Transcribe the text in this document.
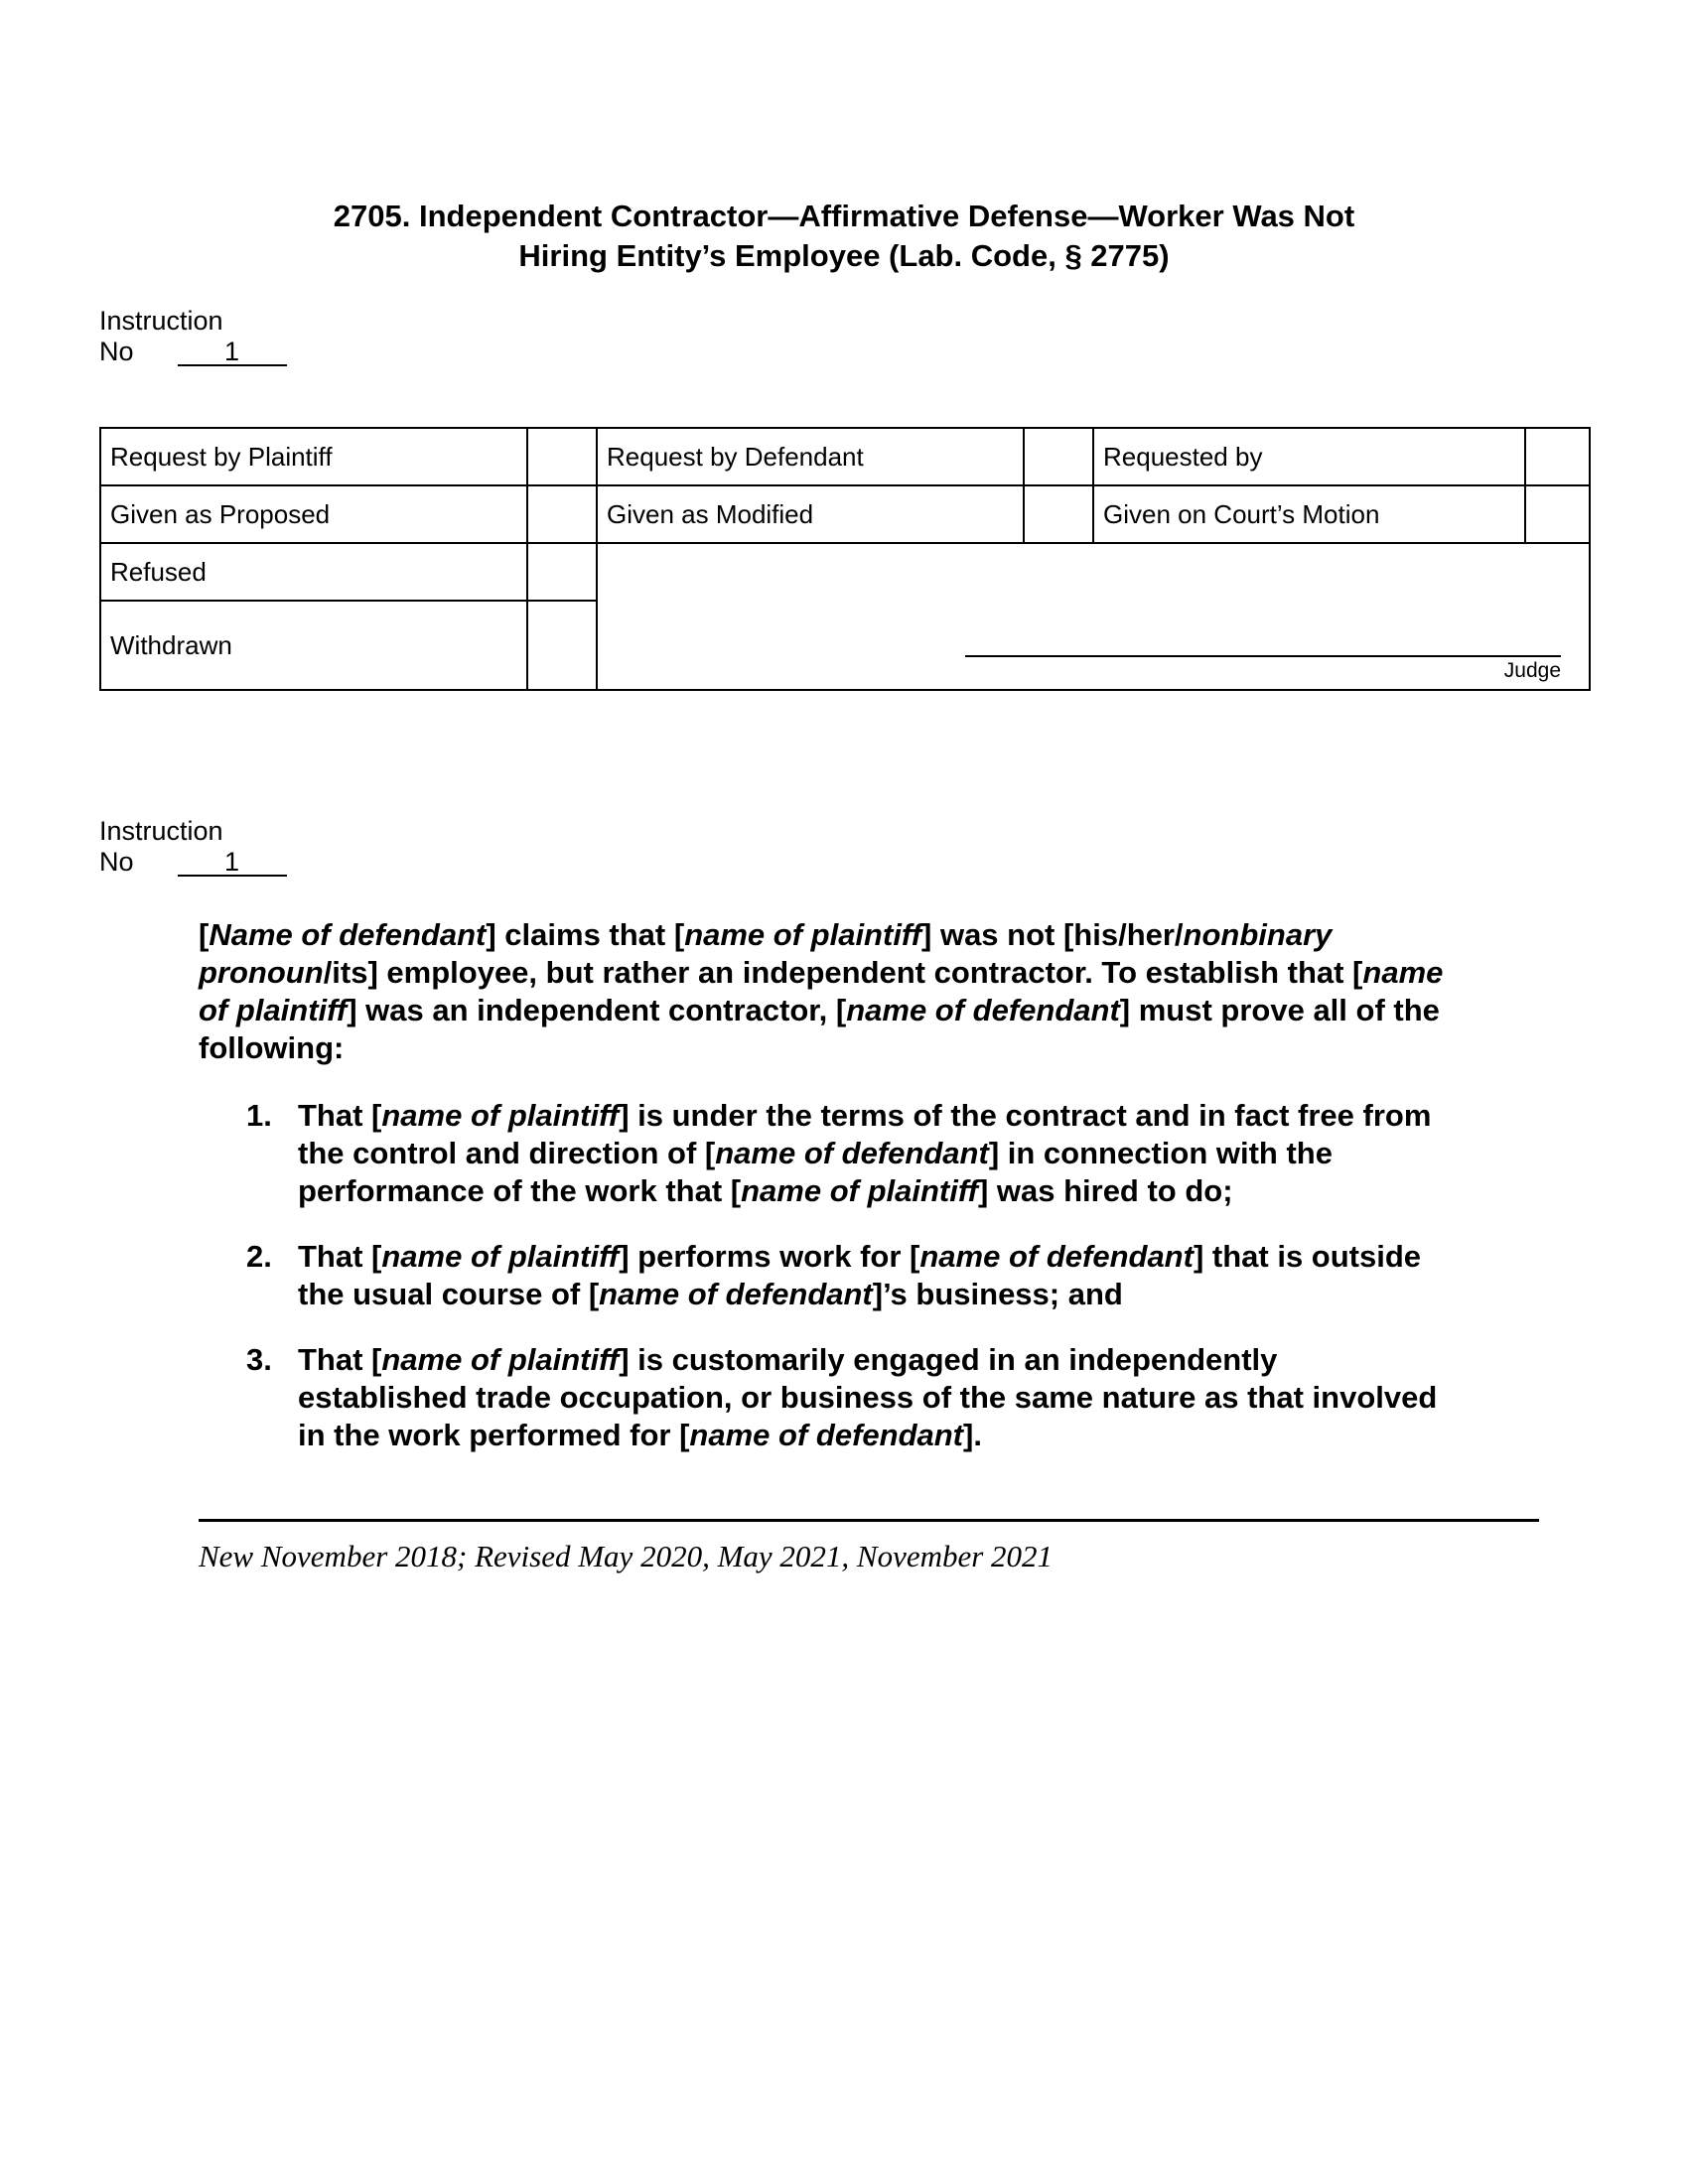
2705. Independent Contractor—Affirmative Defense—Worker Was Not
Hiring Entity’s Employee (Lab. Code, § 2775)
Instruction
No	1
Request by Plaintiff		Request by Defendant		Requested by	
Given as Proposed		Given as Modified		Given on Court’s Motion	
Refused		Judge			

Withdrawn					
Instruction
No	1

[Name of defendant] claims that [name of plaintiff] was not [his/her/nonbinary pronoun/its] employee, but rather an independent contractor. To establish that [name of plaintiff] was an independent contractor, [name of defendant] must prove all of the following:

1. That [name of plaintiff] is under the terms of the contract and in fact free from the control and direction of [name of defendant] in connection with the performance of the work that [name of plaintiff] was hired to do;
2. That [name of plaintiff] performs work for [name of defendant] that is outside the usual course of [name of defendant]’s business; and
3. That [name of plaintiff] is customarily engaged in an independently established trade occupation, or business of the same nature as that involved in the work performed for [name of defendant].
New November 2018; Revised May 2020, May 2021, November 2021
